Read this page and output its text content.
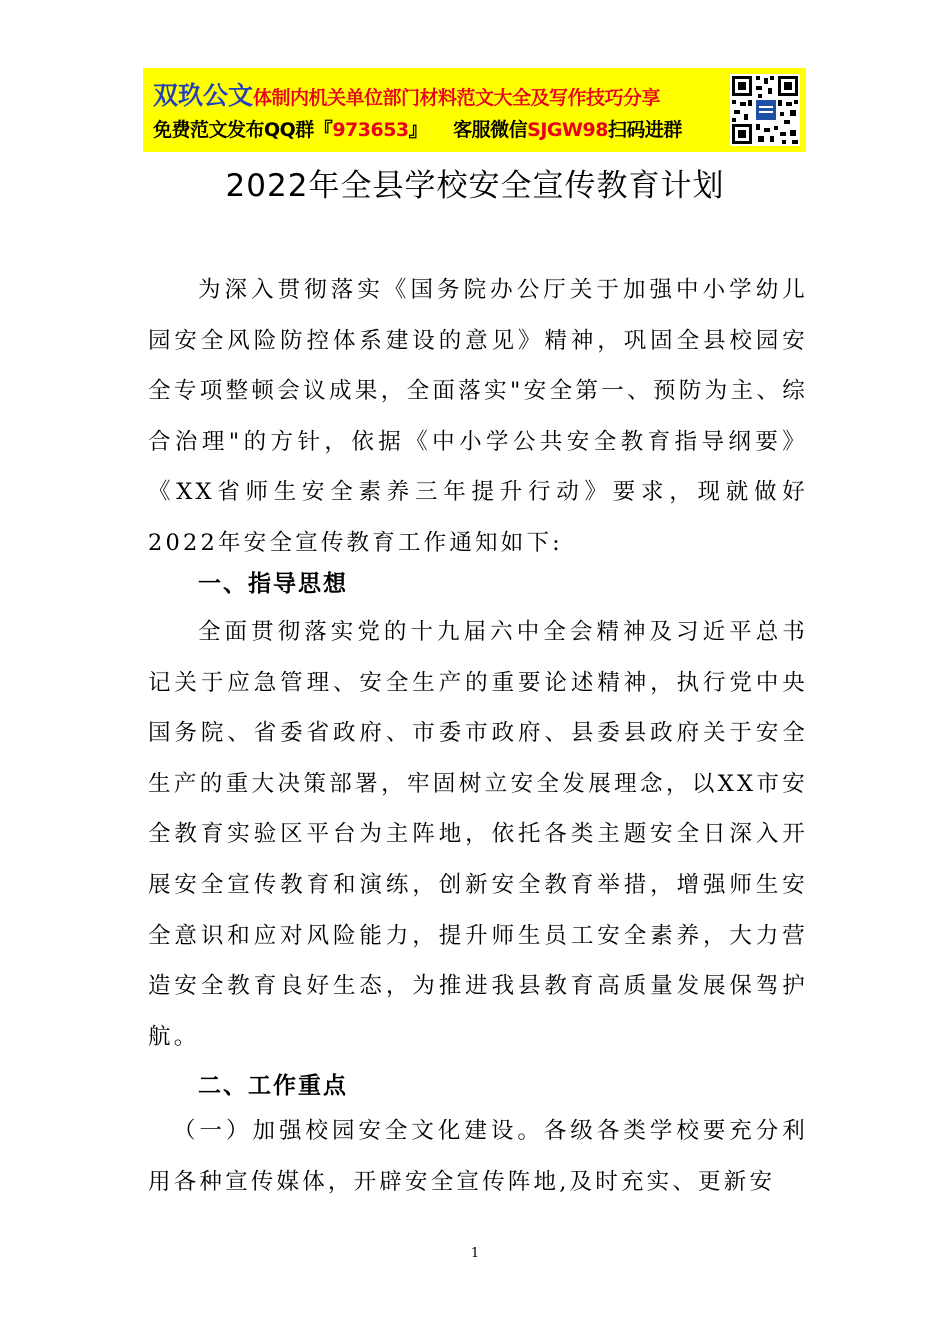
双玖公文体制内机关单位部门材料范文大全及写作技巧分享
免费范文发布QQ群『973653』 客服微信SJGW98扫码进群
2022年全县学校安全宣传教育计划

为深入贯彻落实《国务院办公厅关于加强中小学幼儿园安全风险防控体系建设的意见》精神，巩固全县校园安全专项整顿会议成果，全面落实"安全第一、预防为主、综合治理"的方针，依据《中小学公共安全教育指导纲要》《XX省师生安全素养三年提升行动》要求，现就做好2022年安全宣传教育工作通知如下:

一、指导思想

全面贯彻落实党的十九届六中全会精神及习近平总书记关于应急管理、安全生产的重要论述精神，执行党中央国务院、省委省政府、市委市政府、县委县政府关于安全生产的重大决策部署，牢固树立安全发展理念，以XX市安全教育实验区平台为主阵地，依托各类主题安全日深入开展安全宣传教育和演练，创新安全教育举措，增强师生安全意识和应对风险能力，提升师生员工安全素养，大力营造安全教育良好生态，为推进我县教育高质量发展保驾护航。

二、工作重点

（一）加强校园安全文化建设。各级各类学校要充分利用各种宣传媒体，开辟安全宣传阵地,及时充实、更新安

1
